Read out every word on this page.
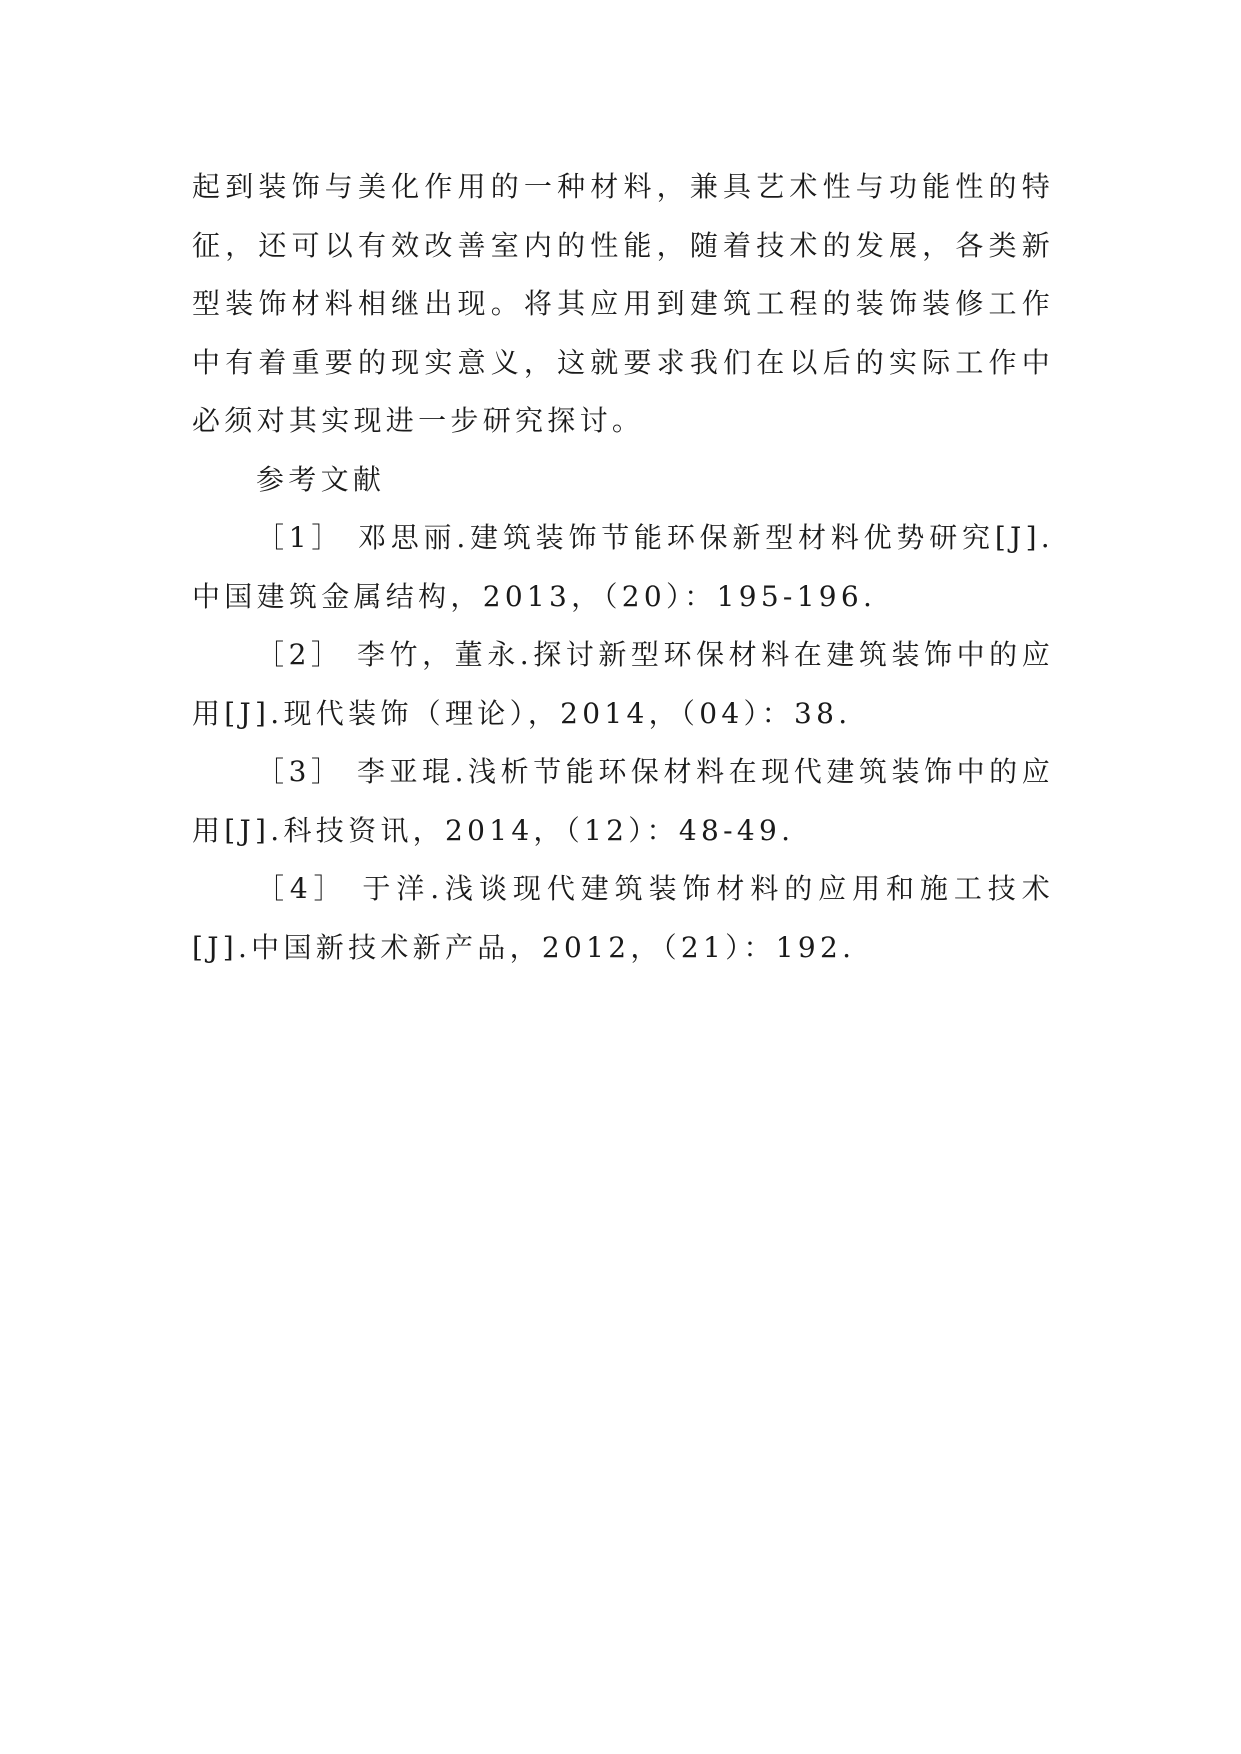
起到装饰与美化作用的一种材料，兼具艺术性与功能性的特征，还可以有效改善室内的性能，随着技术的发展，各类新型装饰材料相继出现。将其应用到建筑工程的装饰装修工作中有着重要的现实意义，这就要求我们在以后的实际工作中必须对其实现进一步研究探讨。

参考文献

［1］ 邓思丽.建筑装饰节能环保新型材料优势研究[J].中国建筑金属结构，2013，（20）：195-196.

［2］ 李竹，董永.探讨新型环保材料在建筑装饰中的应用[J].现代装饰（理论），2014，（04）：38.

［3］ 李亚琨.浅析节能环保材料在现代建筑装饰中的应用[J].科技资讯，2014，（12）：48-49.

［4］ 于洋.浅谈现代建筑装饰材料的应用和施工技术[J].中国新技术新产品，2012，（21）：192.
